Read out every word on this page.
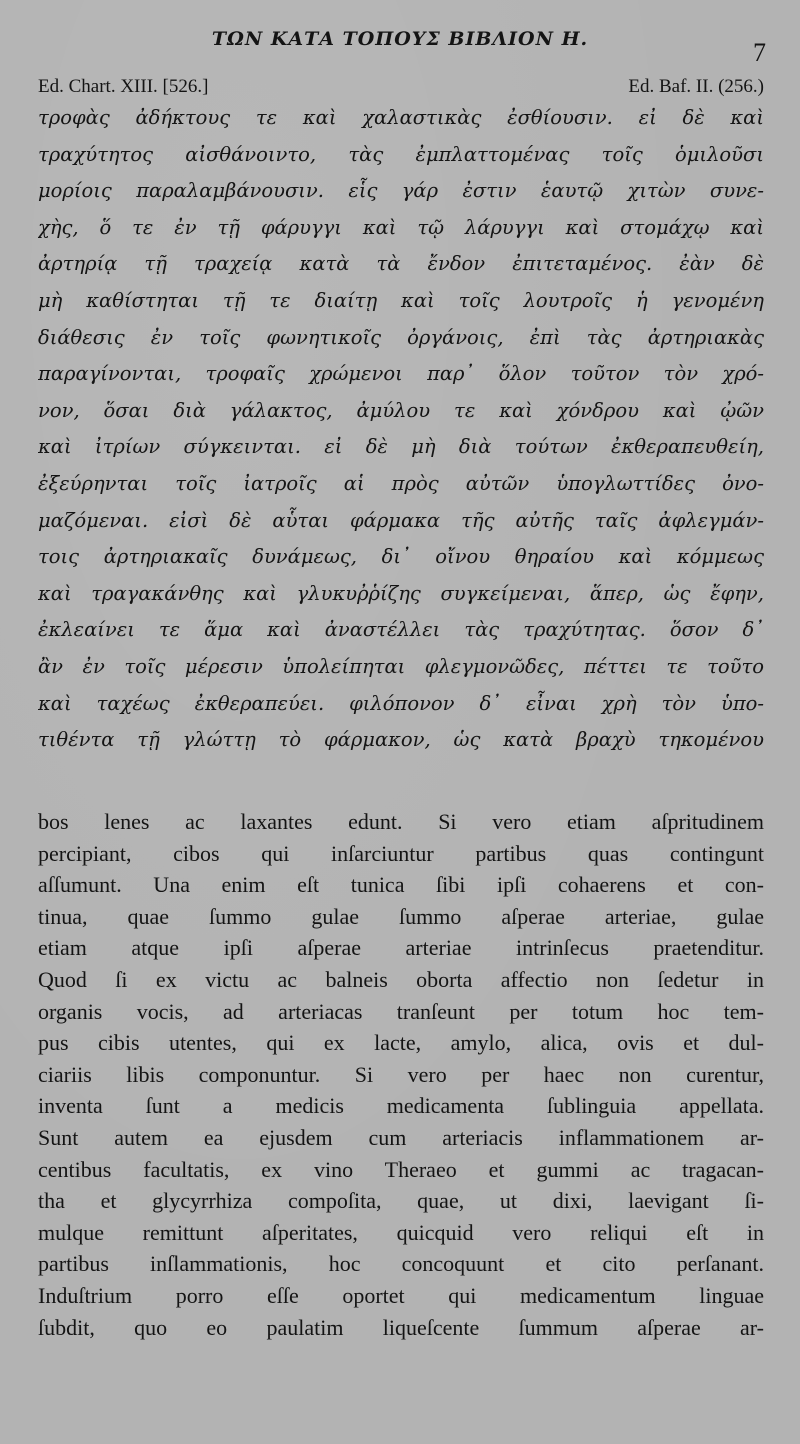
ΤΩΝ ΚΑΤΑ ΤΟΠΟΥΣ ΒΙΒΛΙΟΝ Η.	7
Ed. Chart. XIII. [526.]	Ed. Baf. II. (256.)
τροφὰς ἀδήκτους τε καὶ χαλαστικὰς ἐσθίουσιν. εἰ δὲ καὶ
τραχύτητος αἰσθάνοιντο, τὰς ἐμπλαττομένας τοῖς ὁμιλοῦσι
μορίοις παραλαμβάνουσιν. εἷς γάρ ἐστιν ἑαυτῷ χιτὼν συνε-
χὴς, ὅ τε ἐν τῇ φάρυγγι καὶ τῷ λάρυγγι καὶ στομάχῳ καὶ
ἀρτηρίᾳ τῇ τραχείᾳ κατὰ τὰ ἔνδον ἐπιτεταμένος. ἐὰν δὲ
μὴ καθίστηται τῇ τε διαίτῃ καὶ τοῖς λουτροῖς ἡ γενομένη
διάθεσις ἐν τοῖς φωνητικοῖς ὀργάνοις, ἐπὶ τὰς ἀρτηριακὰς
παραγίνονται, τροφαῖς χρώμενοι παρ᾽ ὅλον τοῦτον τὸν χρό-
νον, ὅσαι διὰ γάλακτος, ἀμύλου τε καὶ χόνδρου καὶ ᾠῶν
καὶ ἰτρίων σύγκεινται. εἰ δὲ μὴ διὰ τούτων ἐκθεραπευθείη,
ἐξεύρηνται τοῖς ἰατροῖς αἱ πρὸς αὐτῶν ὑπογλωττίδες ὀνο-
μαζόμεναι. εἰσὶ δὲ αὗται φάρμακα τῆς αὐτῆς ταῖς ἀφλεγμάν-
τοις ἀρτηριακαῖς δυνάμεως, δι᾽ οἴνου θηραίου καὶ κόμμεως
καὶ τραγακάνθης καὶ γλυκυῤῥίζης συγκείμεναι, ἅπερ, ὡς ἔφην,
ἐκλεαίνει τε ἅμα καὶ ἀναστέλλει τὰς τραχύτητας. ὅσον δ᾽
ἂν ἐν τοῖς μέρεσιν ὑπολείπηται φλεγμονῶδες, πέττει τε τοῦτο
καὶ ταχέως ἐκθεραπεύει. φιλόπονον δ᾽ εἶναι χρὴ τὸν ὑπο-
τιθέντα τῇ γλώττῃ τὸ φάρμακον, ὡς κατὰ βραχὺ τηκομένου
bos lenes ac laxantes edunt. Si vero etiam aſpritudinem
percipiant, cibos qui inſarciuntur partibus quas contingunt
aſſumunt. Una enim eſt tunica ſibi ipſi cohaerens et con-
tinua, quae ſummo gulae ſummo aſperae arteriae, gulae
etiam atque ipſi aſperae arteriae intrinſecus praetenditur.
Quod ſi ex victu ac balneis oborta affectio non ſedetur in
organis vocis, ad arteriacas tranſeunt per totum hoc tem-
pus cibis utentes, qui ex lacte, amylo, alica, ovis et dul-
ciariis libis componuntur. Si vero per haec non curentur,
inventa ſunt a medicis medicamenta ſublinguia appellata.
Sunt autem ea ejusdem cum arteriacis inflammationem ar-
centibus facultatis, ex vino Theraeo et gummi ac tragacan-
tha et glycyrrhiza compoſita, quae, ut dixi, laevigant ſi-
mulque remittunt aſperitates, quicquid vero reliqui eſt in
partibus inſlammationis, hoc concoquunt et cito perſanant.
Induſtrium porro eſſe oportet qui medicamentum linguae
ſubdit, quo eo paulatim liqueſcente ſummum aſperae ar-
